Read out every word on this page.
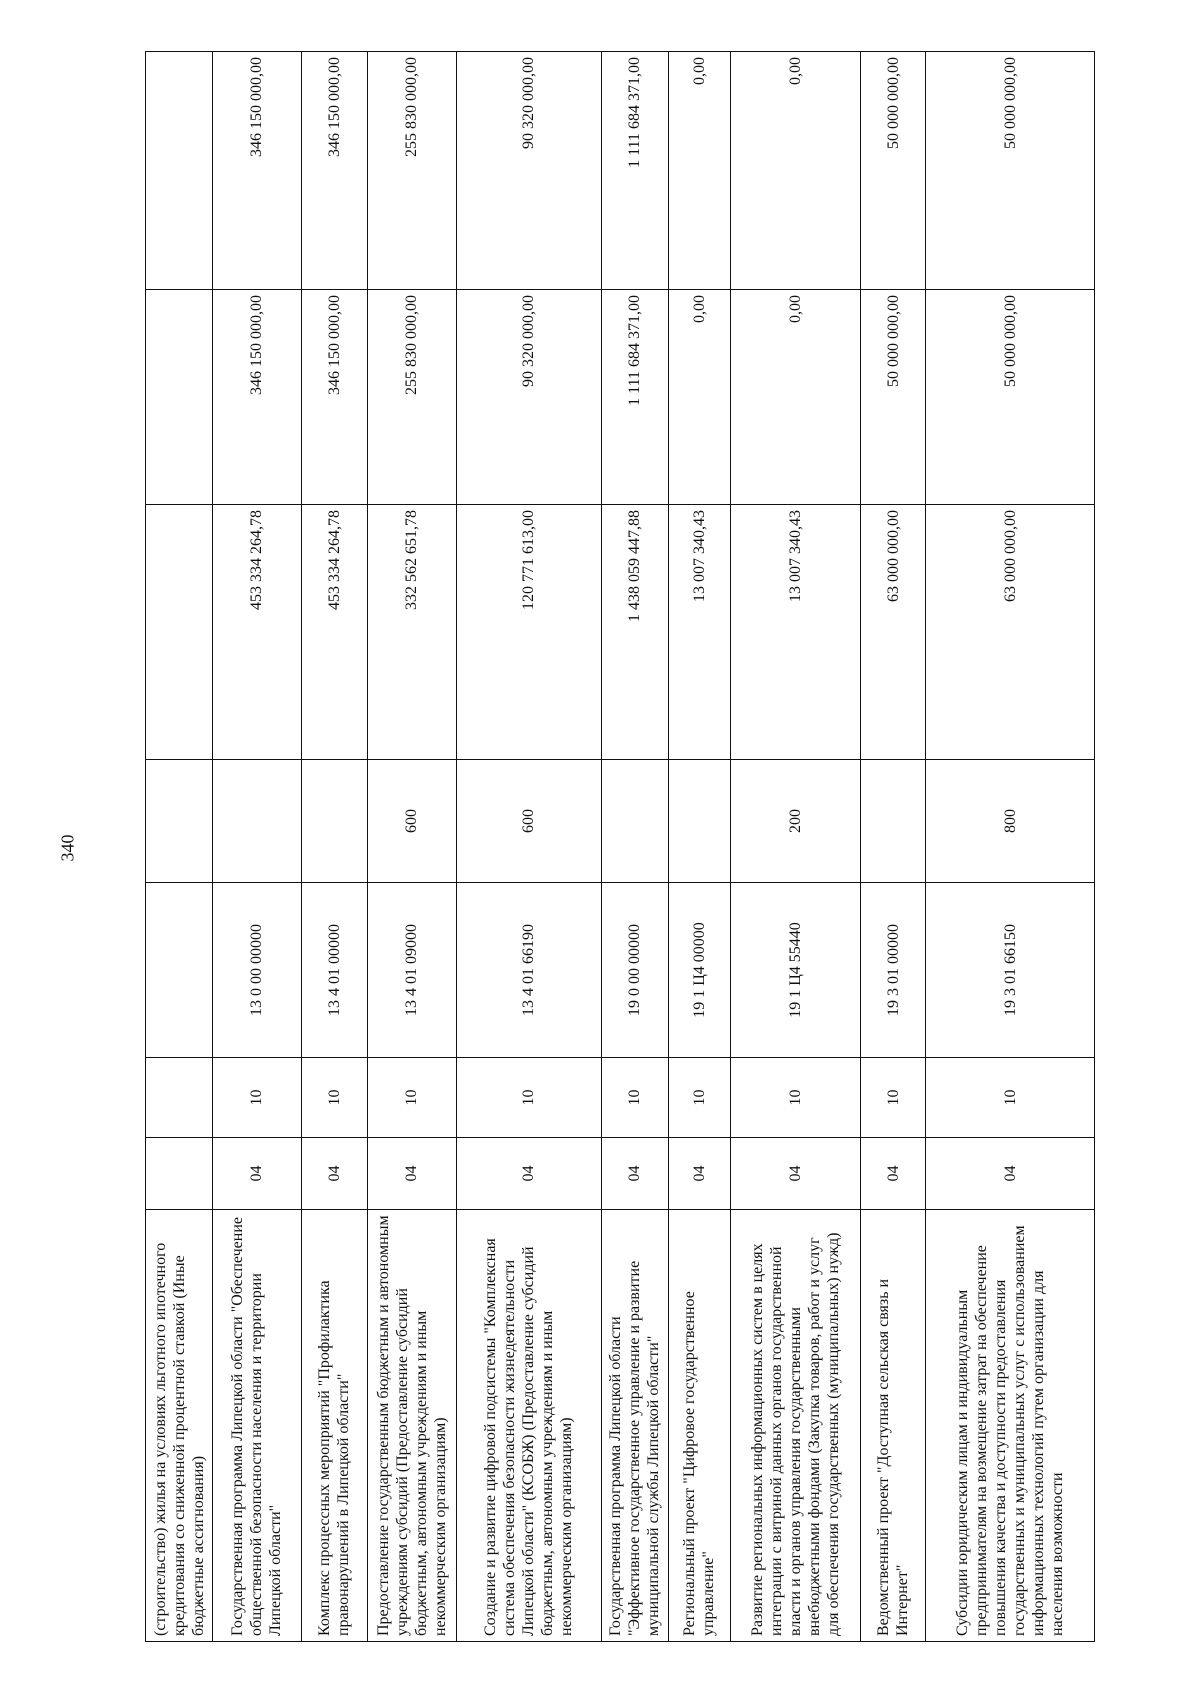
340
(строительство) жилья на условиях льготного ипотечного кредитования со сниженной процентной ставкой (Иные бюджетные ассигнования)							
Государственная программа Липецкой области "Обеспечение общественной безопасности населения и территории Липецкой области"	04	10	13 0 00 00000		453 334 264,78	346 150 000,00	346 150 000,00
Комплекс процессных мероприятий "Профилактика правонарушений в Липецкой области"	04	10	13 4 01 00000		453 334 264,78	346 150 000,00	346 150 000,00
Предоставление государственным бюджетным и автономным учреждениям субсидий (Предоставление субсидий бюджетным, автономным учреждениям и иным некоммерческим организациям)	04	10	13 4 01 09000	600	332 562 651,78	255 830 000,00	255 830 000,00
Создание и развитие цифровой подсистемы "Комплексная система обеспечения безопасности жизнедеятельности Липецкой области" (КСОБЖ) (Предоставление субсидий бюджетным, автономным учреждениям и иным некоммерческим организациям)	04	10	13 4 01 66190	600	120 771 613,00	90 320 000,00	90 320 000,00
Государственная программа Липецкой области "Эффективное государственное управление и развитие муниципальной службы Липецкой области"	04	10	19 0 00 00000		1 438 059 447,88	1 111 684 371,00	1 111 684 371,00
Региональный проект "Цифровое государственное управление"	04	10	19 1 Ц4 00000		13 007 340,43	0,00	0,00
Развитие региональных информационных систем в целях интеграции с витриной данных органов государственной власти и органов управления государственными внебюджетными фондами (Закупка товаров, работ и услуг для обеспечения государственных (муниципальных) нужд)	04	10	19 1 Ц4 55440	200	13 007 340,43	0,00	0,00
Ведомственный проект "Доступная сельская связь и Интернет"	04	10	19 3 01 00000		63 000 000,00	50 000 000,00	50 000 000,00
Субсидии юридическим лицам и индивидуальным предпринимателям на возмещение затрат на обеспечение повышения качества и доступности предоставления государственных и муниципальных услуг с использованием информационных технологий путем организации для населения возможности	04	10	19 3 01 66150	800	63 000 000,00	50 000 000,00	50 000 000,00
